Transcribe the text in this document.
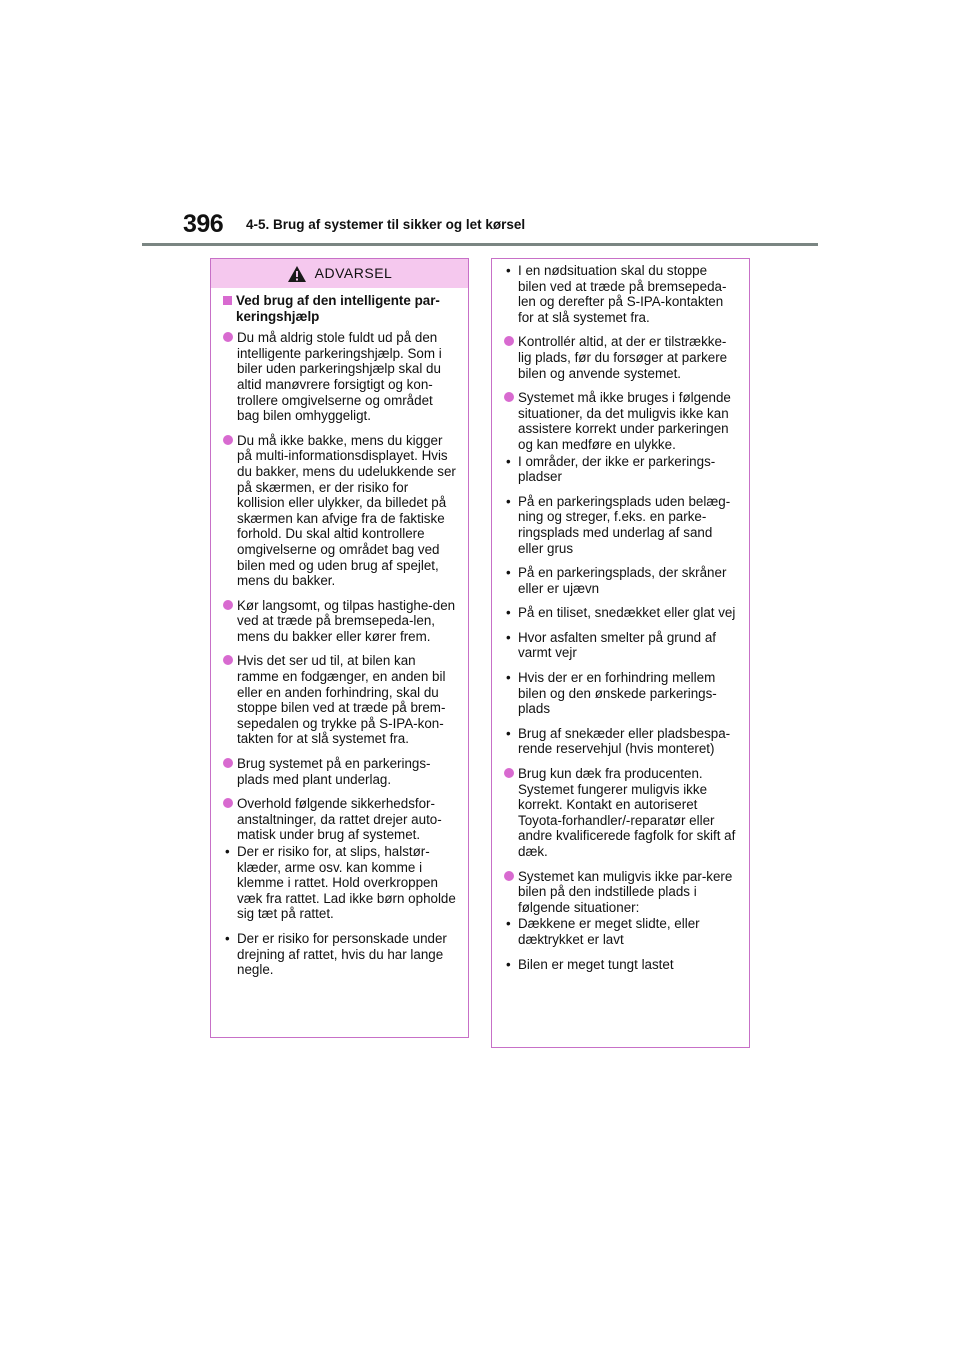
396 4-5. Brug af systemer til sikker og let kørsel
ADVARSEL
Ved brug af den intelligente par-keringshjælp
Du må aldrig stole fuldt ud på den intelligente parkeringshjælp. Som i biler uden parkeringshjælp skal du altid manøvrere forsigtigt og kon-trollere omgivelserne og området bag bilen omhyggeligt.
Du må ikke bakke, mens du kigger på multi-informationsdisplayet. Hvis du bakker, mens du udelukkende ser på skærmen, er der risiko for kollision eller ulykker, da billedet på skærmen kan afvige fra de faktiske forhold. Du skal altid kontrollere omgivelserne og området bag ved bilen med og uden brug af spejlet, mens du bakker.
Kør langsomt, og tilpas hastighe-den ved at træde på bremsepeda-len, mens du bakker eller kører frem.
Hvis det ser ud til, at bilen kan ramme en fodgænger, en anden bil eller en anden forhindring, skal du stoppe bilen ved at træde på brem-sepedalen og trykke på S-IPA-kon-takten for at slå systemet fra.
Brug systemet på en parkerings-plads med plant underlag.
Overhold følgende sikkerhedsfor-anstaltninger, da rattet drejer auto-matisk under brug af systemet.
• Der er risiko for, at slips, halstør-klæder, arme osv. kan komme i klemme i rattet. Hold overkroppen væk fra rattet. Lad ikke børn opholde sig tæt på rattet.
• Der er risiko for personskade under drejning af rattet, hvis du har lange negle.
• I en nødsituation skal du stoppe bilen ved at træde på bremsepeda-len og derefter på S-IPA-kontakten for at slå systemet fra.
Kontrollér altid, at der er tilstrække-lig plads, før du forsøger at parkere bilen og anvende systemet.
Systemet må ikke bruges i følgende situationer, da det muligvis ikke kan assistere korrekt under parkeringen og kan medføre en ulykke.
• I områder, der ikke er parkerings-pladser
• På en parkeringsplads uden belæg-ning og streger, f.eks. en parke-ringsplads med underlag af sand eller grus
• På en parkeringsplads, der skråner eller er ujævn
• På en tiliset, snedækket eller glat vej
• Hvor asfalten smelter på grund af varmt vejr
• Hvis der er en forhindring mellem bilen og den ønskede parkerings-plads
• Brug af snekæder eller pladsbespa-rende reservehjul (hvis monteret)
Brug kun dæk fra producenten. Systemet fungerer muligvis ikke korrekt. Kontakt en autoriseret Toyota-forhandler/-reparatør eller andre kvalificerede fagfolk for skift af dæk.
Systemet kan muligvis ikke par-kere bilen på den indstillede plads i følgende situationer:
• Dækkene er meget slidte, eller dæktrykket er lavt
• Bilen er meget tungt lastet
